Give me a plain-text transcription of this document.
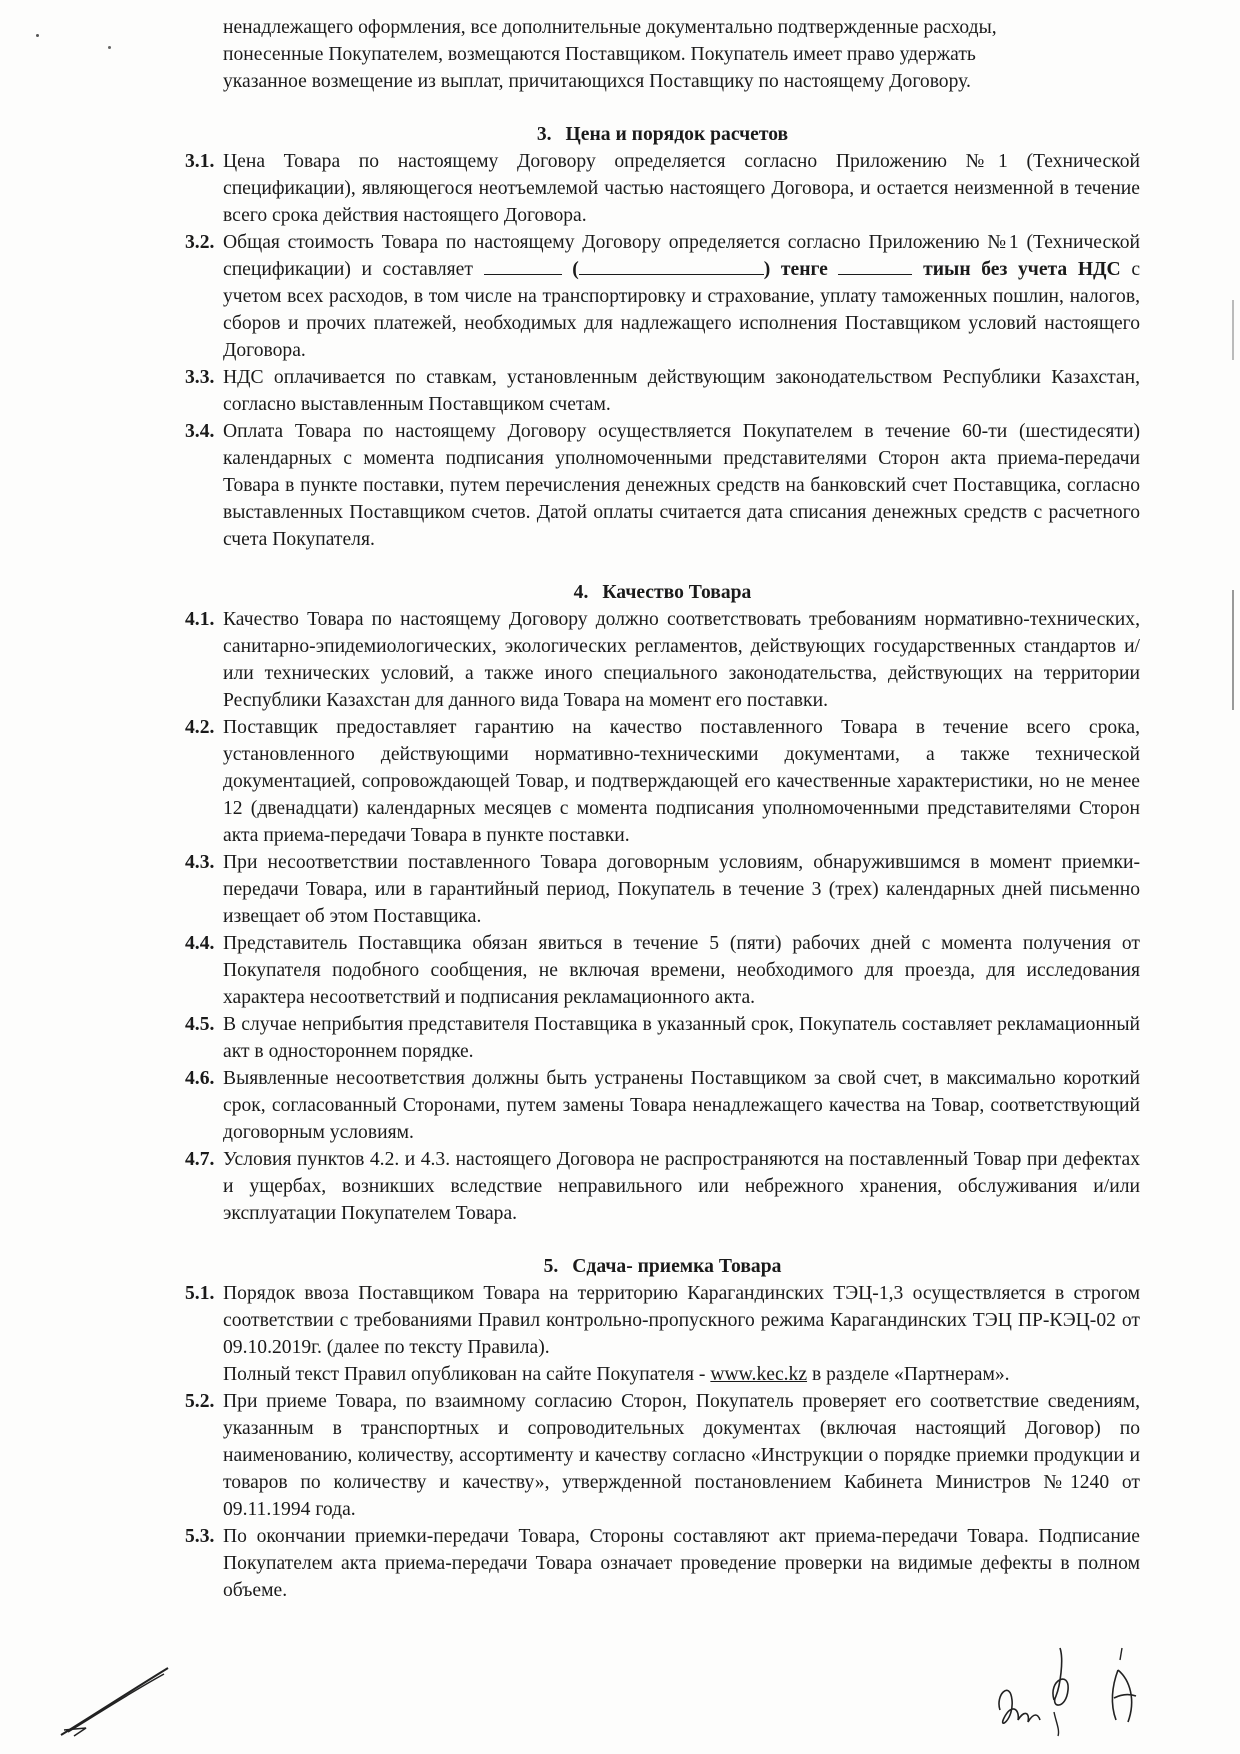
ненадлежащего оформления, все дополнительные документально подтвержденные расходы,
понесенные Покупателем, возмещаются Поставщиком. Покупатель имеет право удержать
указанное возмещение из выплат, причитающихся Поставщику по настоящему Договору.
3. Цена и порядок расчетов
3.1. Цена Товара по настоящему Договору определяется согласно Приложению №1 (Технической спецификации), являющегося неотъемлемой частью настоящего Договора, и остается неизменной в течение всего срока действия настоящего Договора.
3.2. Общая стоимость Товара по настоящему Договору определяется согласно Приложению №1 (Технической спецификации) и составляет	(	) тенге	тиын без учета НДС с учетом всех расходов, в том числе на транспортировку и страхование, уплату таможенных пошлин, налогов, сборов и прочих платежей, необходимых для надлежащего исполнения Поставщиком условий настоящего Договора.
3.3. НДС оплачивается по ставкам, установленным действующим законодательством Республики Казахстан, согласно выставленным Поставщиком счетам.
3.4. Оплата Товара по настоящему Договору осуществляется Покупателем в течение 60-ти (шестидесяти) календарных с момента подписания уполномоченными представителями Сторон акта приема-передачи Товара в пункте поставки, путем перечисления денежных средств на банковский счет Поставщика, согласно выставленных Поставщиком счетов. Датой оплаты считается дата списания денежных средств с расчетного счета Покупателя.
4. Качество Товара
4.1. Качество Товара по настоящему Договору должно соответствовать требованиям нормативно-технических, санитарно-эпидемиологических, экологических регламентов, действующих государственных стандартов и/или технических условий, а также иного специального законодательства, действующих на территории Республики Казахстан для данного вида Товара на момент его поставки.
4.2. Поставщик предоставляет гарантию на качество поставленного Товара в течение всего срока, установленного действующими нормативно-техническими документами, а также технической документацией, сопровождающей Товар, и подтверждающей его качественные характеристики, но не менее 12 (двенадцати) календарных месяцев с момента подписания уполномоченными представителями Сторон акта приема-передачи Товара в пункте поставки.
4.3. При несоответствии поставленного Товара договорным условиям, обнаружившимся в момент приемки-передачи Товара, или в гарантийный период, Покупатель в течение 3 (трех) календарных дней письменно извещает об этом Поставщика.
4.4. Представитель Поставщика обязан явиться в течение 5 (пяти) рабочих дней с момента получения от Покупателя подобного сообщения, не включая времени, необходимого для проезда, для исследования характера несоответствий и подписания рекламационного акта.
4.5. В случае неприбытия представителя Поставщика в указанный срок, Покупатель составляет рекламационный акт в одностороннем порядке.
4.6. Выявленные несоответствия должны быть устранены Поставщиком за свой счет, в максимально короткий срок, согласованный Сторонами, путем замены Товара ненадлежащего качества на Товар, соответствующий договорным условиям.
4.7. Условия пунктов 4.2. и 4.3. настоящего Договора не распространяются на поставленный Товар при дефектах и ущербах, возникших вследствие неправильного или небрежного хранения, обслуживания и/или эксплуатации Покупателем Товара.
5. Сдача- приемка Товара
5.1. Порядок ввоза Поставщиком Товара на территорию Карагандинских ТЭЦ-1,3 осуществляется в строгом соответствии с требованиями Правил контрольно-пропускного режима Карагандинских ТЭЦ ПР-КЭЦ-02 от 09.10.2019г. (далее по тексту Правила).
Полный текст Правил опубликован на сайте Покупателя - www.kec.kz в разделе «Партнерам».
5.2. При приеме Товара, по взаимному согласию Сторон, Покупатель проверяет его соответствие сведениям, указанным в транспортных и сопроводительных документах (включая настоящий Договор) по наименованию, количеству, ассортименту и качеству согласно «Инструкции о порядке приемки продукции и товаров по количеству и качеству», утвержденной постановлением Кабинета Министров №1240 от 09.11.1994 года.
5.3. По окончании приемки-передачи Товара, Стороны составляют акт приема-передачи Товара. Подписание Покупателем акта приема-передачи Товара означает проведение проверки на видимые дефекты в полном объеме.
